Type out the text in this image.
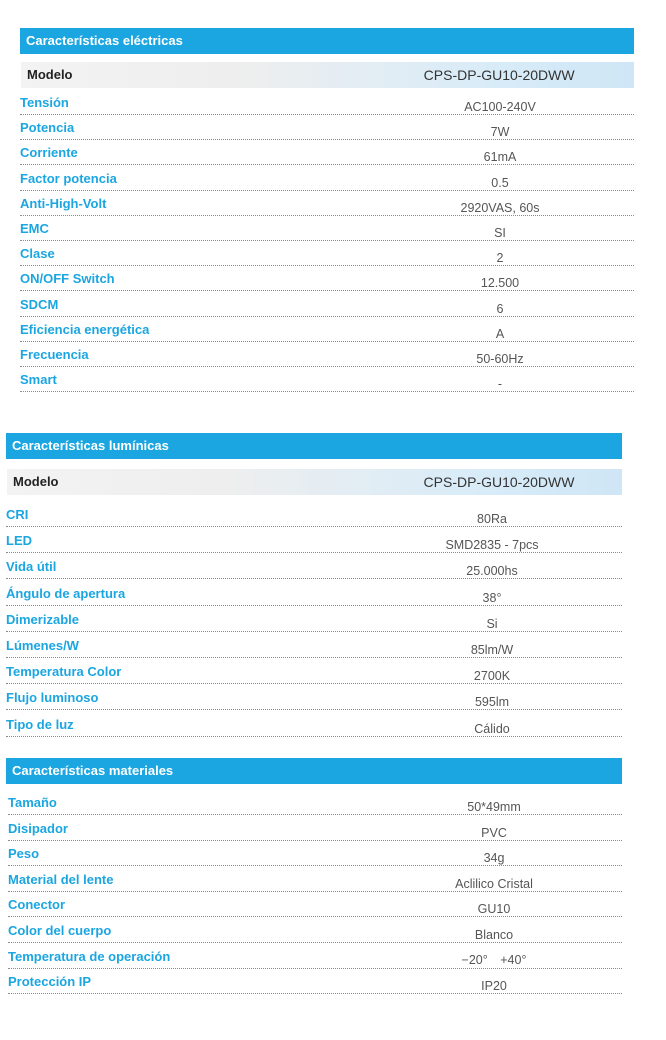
Características eléctricas
Modelo	CPS-DP-GU10-20DWW
Tensión	AC100-240V
Potencia	7W
Corriente	61mA
Factor potencia	0.5
Anti-High-Volt	2920VAS, 60s
EMC	SI
Clase	2
ON/OFF Switch	12.500
SDCM	6
Eficiencia energética	A
Frecuencia	50-60Hz
Smart	-
Características lumínicas
Modelo	CPS-DP-GU10-20DWW
CRI	80Ra
LED	SMD2835 - 7pcs
Vida útil	25.000hs
Ángulo de apertura	38°
Dimerizable	Si
Lúmenes/W	85lm/W
Temperatura Color	2700K
Flujo luminoso	595lm
Tipo de luz	Cálido
Características materiales
Tamaño	50*49mm
Disipador	PVC
Peso	34g
Material del lente	Aclilico Cristal
Conector	GU10
Color del cuerpo	Blanco
Temperatura de operación	−20°　+40°
Protección IP	IP20
